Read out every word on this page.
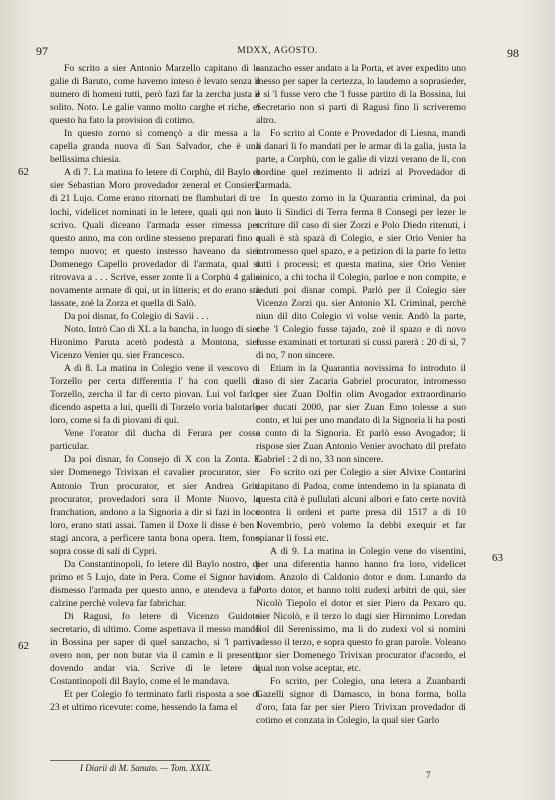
97	MDXX, AGOSTO.	98
62
63
62

Fo scrito a sier Antonio Marzello capitano di le galie di Baruto, come havemo inteso è levato senza il numero di homeni tutti, però fazi far la zercha justa il solito. Noto. Le galie vanno molto carghe et riche, et questo ha fato la provision di cotimo.

In questo zorno si començò a dir messa a la capella granda nuova di San Salvador, che è una bellissima chiesia.

A dì 7. La matina fo letere di Corphù, dil Baylo et sier Sebastian Moro provedador zeneral et Consieri, di 21 Lujo. Come erano ritornati tre flambulari di tre lochi, videlicet nominati in le letere, quali qui non li scrivo. Quali diceano l'armada esser rimessa per questo anno, ma con ordine stesseno preparati fino a tempo nuovo; et questo instesso haveano da sier Domenego Capello provedador di l'armata, qual si ritrovava a . . . Scrive, esser zonte lì a Corphù 4 galie novamente armate di qui, ut in litteris; et do erano stà lassate, zoè la Zorza et quella di Salò.

Da poi disnar, fo Colegio di Savii . . .

Noto. Intrò Cao di XL a la bancha, in luogo di sier Hironimo Paruta acetò podestà a Montona, sier Vicenzo Venier qu. sier Francesco.

A dì 8. La matina in Colegio vene il vescovo di Torzello per certa differentia l' ha con quelli di Torzello, zercha il far di certo piovan. Lui vol farlo, dicendo aspetta a lui, quelli di Torzelo voria balotarlo loro, come si fa di piovani di qui.

Vene l'orator dil ducha di Ferara per cosse particular.

Da poi disnar, fo Consejo di X con la Zonta. E sier Domenego Trivixan el cavalier procurator, sier Antonio Trun procurator, et sier Andrea Griti procurator, provedadori sora il Monte Nuovo, la franchation, andono a la Signoria a dir si fazi in loco loro, erano stati assai. Tamen il Doxe li disse è ben i stagi ancora, a perficere tanta bona opera. Item, fono sopra cosse di sali di Cypri.

Da Constantinopoli, fo letere dil Baylo nostro, di primo et 5 Lujo, date in Pera. Come el Signor havia dismesso l'armada per questo anno, e atendeva a far calzine perchè voleva far fabrichar.

Di Ragusi, fo letere di Vicenzo Guidoto secretario, di ultimo. Come aspettava il messo mandò in Bossina per saper di quel sanzacho, si 'l partiva overo non, per non butar via il camin e li presenti, dovendo andar via. Scrive di le letere di Costantinopoli dil Baylo, come el le mandava.

Et per Colegio fo terminato farli risposta a soe di 23 et ultimo ricevute: come, hessendo la fama el

sanzacho esser andato a la Porta, et aver expedito uno messo per saper la certezza, lo laudemo a soprasieder, e si 'l fusse vero che 'l fusse partito di la Bossina, lui Secretario non si parti di Ragusi fino li scriveremo altro.

Fo scrito al Conte e Provedador di Liesna, mandi li danari li fo mandati per le armar di la galia, justa la parte, a Corphù, con le galie di vizzi verano de lì, con hordine quel rezimento li adrizi al Provedador di l'armada.

In questo zorno in la Quarantia criminal, da poi auto li Sindici di Terra ferma 8 Consegi per lezer le scriture dil caso di sier Zorzi e Polo Diedo ritenuti, i quali è stà spazà di Colegio, e sier Orio Venier ha intromesso quel spazo, e a petizion di la parte fo letto tutti i processi; et questa matina, sier Orio Venier sinico, a chi tocha il Colegio, parloe e non compite, e reduti poi disnar compì. Parlò per il Colegio sier Vicenzo Zorzi qu. sier Antonio XL Criminal, perchè niun dil dito Colegio vi volse venir. Andò la parte, che 'l Colegio fusse tajado, zoè il spazo e di novo fusse examinati et torturati si cussi parerà : 20 di sì, 7 di no, 7 non sincere.

Etiam in la Quarantia novissima fo introduto il caso di sier Zacaria Gabriel procurator, intromesso per sier Zuan Dolfin olim Avogador extraordinario per ducati 2000, par sier Zuan Emo tolesse a suo conto, et lui per uno mandato di la Signoria li ha posti a conto di la Signoria. Et parlò esso Avogador; li rispose sier Zuan Antonio Venier avochato dil prefato Gabriel : 2 di no, 33 non sincere.

Fo scrito ozi per Colegio a sier Alvixe Contarini capitano di Padoa, come intendemo in la spianata di questa cità è pullulati alcuni albori e fato certe novità contra li ordeni et parte presa dil 1517 a di 10 Novembrio, però volemo la debbi exequir et far spianar li fossi etc.

A dì 9. La matina in Colegio vene do visentini, per una diferentia hanno hanno fra loro, videlicet dom. Anzolo di Caldonio dotor e dom. Lunardo da Porto dotor, et hanno tolti zudexi arbitri de qui, sier Nicolò Tiepolo el dotor et sier Piero da Pexaro qu. sier Nicolò, e il terzo lo dagi sier Hironimo Loredan fiol dil Serenissimo, ma li do zudexi vol si nomini adesso il terzo, e sopra questo fo gran parole. Voleano tuor sier Domenego Trivixan procurator d'acordo, el qual non volse aceptar, etc.

Fo scrito, per Colegio, una letera a Zuanbardi Gazelli signor di Damasco, in bona forma, bolla d'oro, fata far per sier Piero Trivixan provedador di cotimo et conzata in Colegio, la qual sier Garlo

I Diarii di M. Sanuto. — Tom. XXIX.
7
